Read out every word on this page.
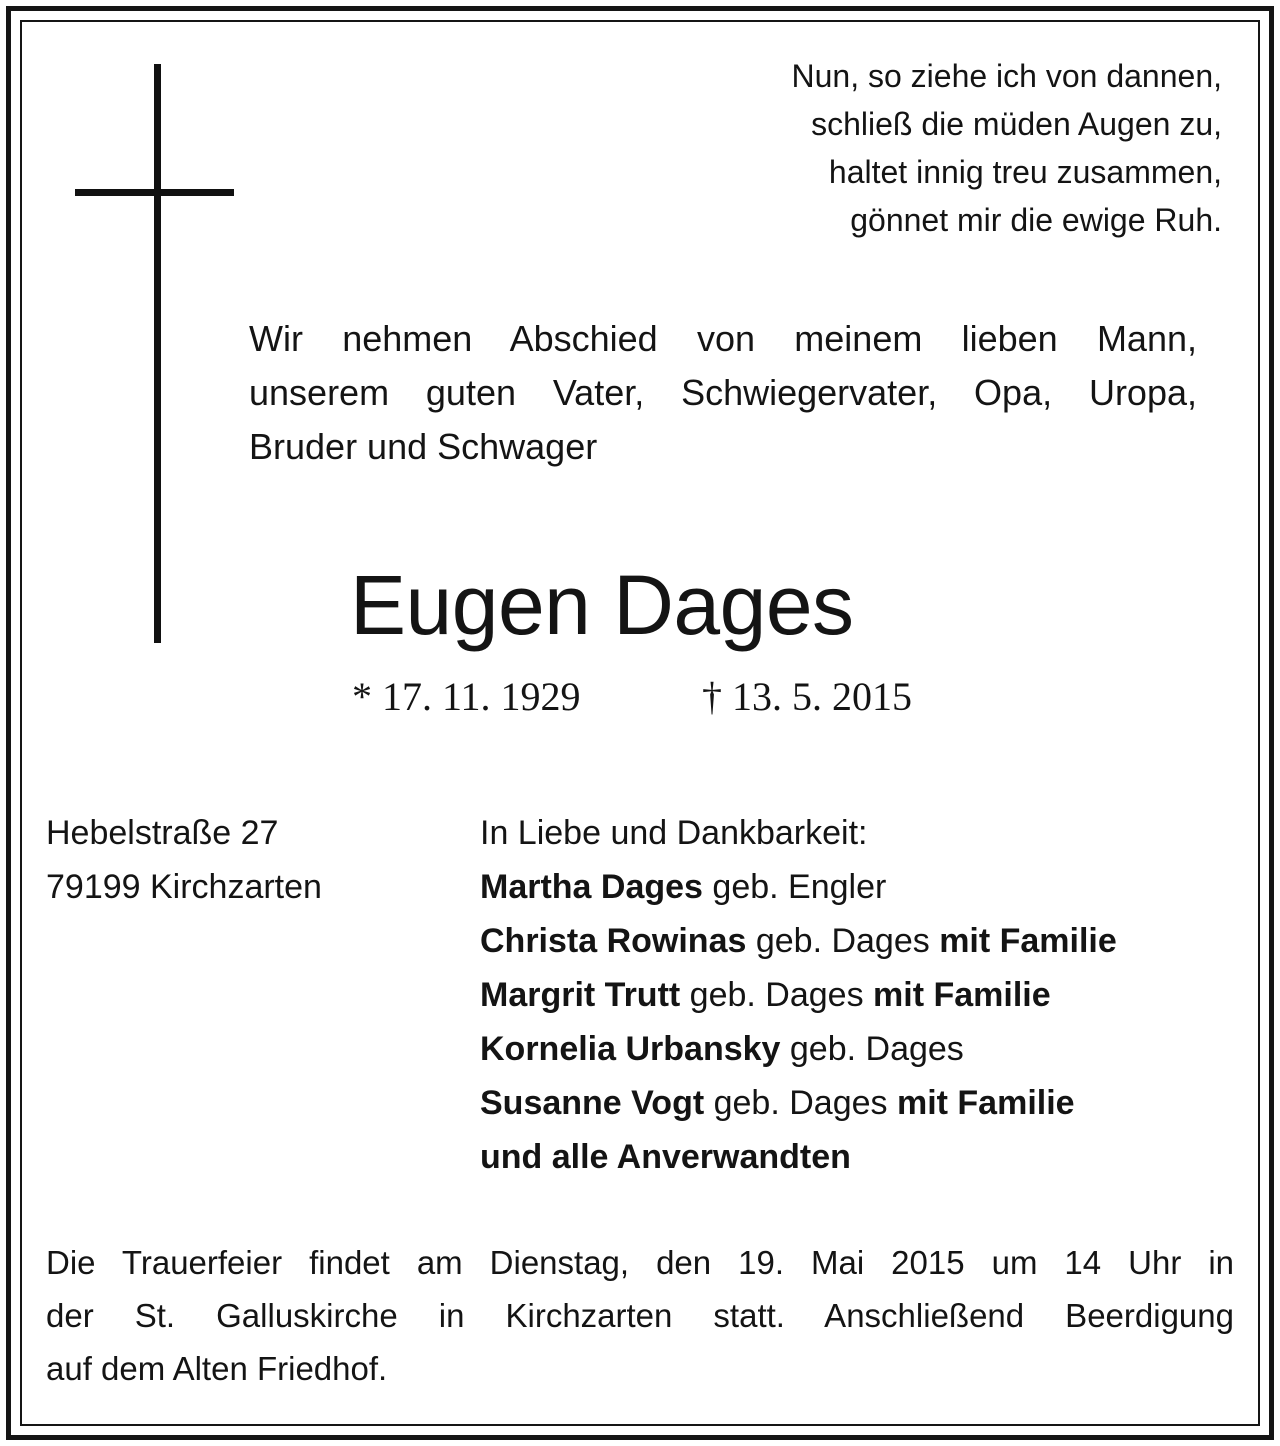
Nun, so ziehe ich von dannen,
schließ die müden Augen zu,
haltet innig treu zusammen,
gönnet mir die ewige Ruh.
Wir nehmen Abschied von meinem lieben Mann,
unserem guten Vater, Schwiegervater, Opa, Uropa,
Bruder und Schwager
Eugen Dages
* 17. 11. 1929	† 13. 5. 2015
Hebelstraße 27
79199 Kirchzarten
In Liebe und Dankbarkeit:
Martha Dages geb. Engler
Christa Rowinas geb. Dages mit Familie
Margrit Trutt geb. Dages mit Familie
Kornelia Urbansky geb. Dages
Susanne Vogt geb. Dages mit Familie
und alle Anverwandten
Die Trauerfeier findet am Dienstag, den 19. Mai 2015 um 14 Uhr in
der St. Galluskirche in Kirchzarten statt. Anschließend Beerdigung
auf dem Alten Friedhof.
